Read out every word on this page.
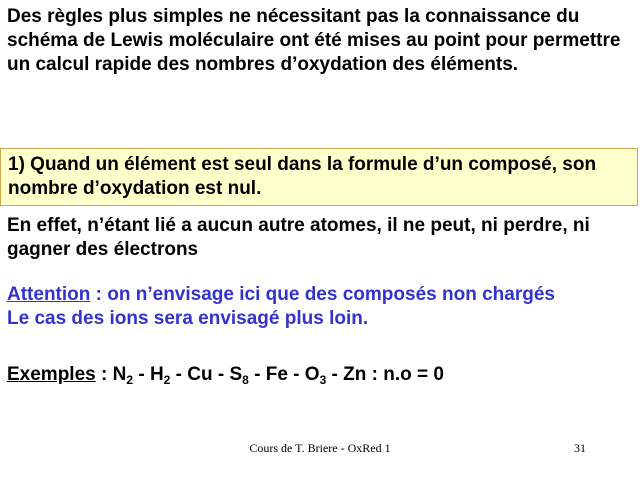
Des règles plus simples ne nécessitant pas la connaissance du schéma de Lewis moléculaire ont été mises au point pour permettre un calcul rapide des nombres d’oxydation des éléments.

1) Quand un élément est seul dans la formule d’un composé, son nombre d’oxydation est nul.

En effet, n’étant lié a aucun autre atomes, il ne peut, ni perdre, ni gagner des électrons

Attention : on n’envisage ici que des composés non chargés
Le cas des ions sera envisagé plus loin.

Exemples : $N_2 - H_2$ - Cu - $S_8$ - Fe - $O_3$ - Zn : n.o = 0

Cours de T. Briere - OxRed 1	31
